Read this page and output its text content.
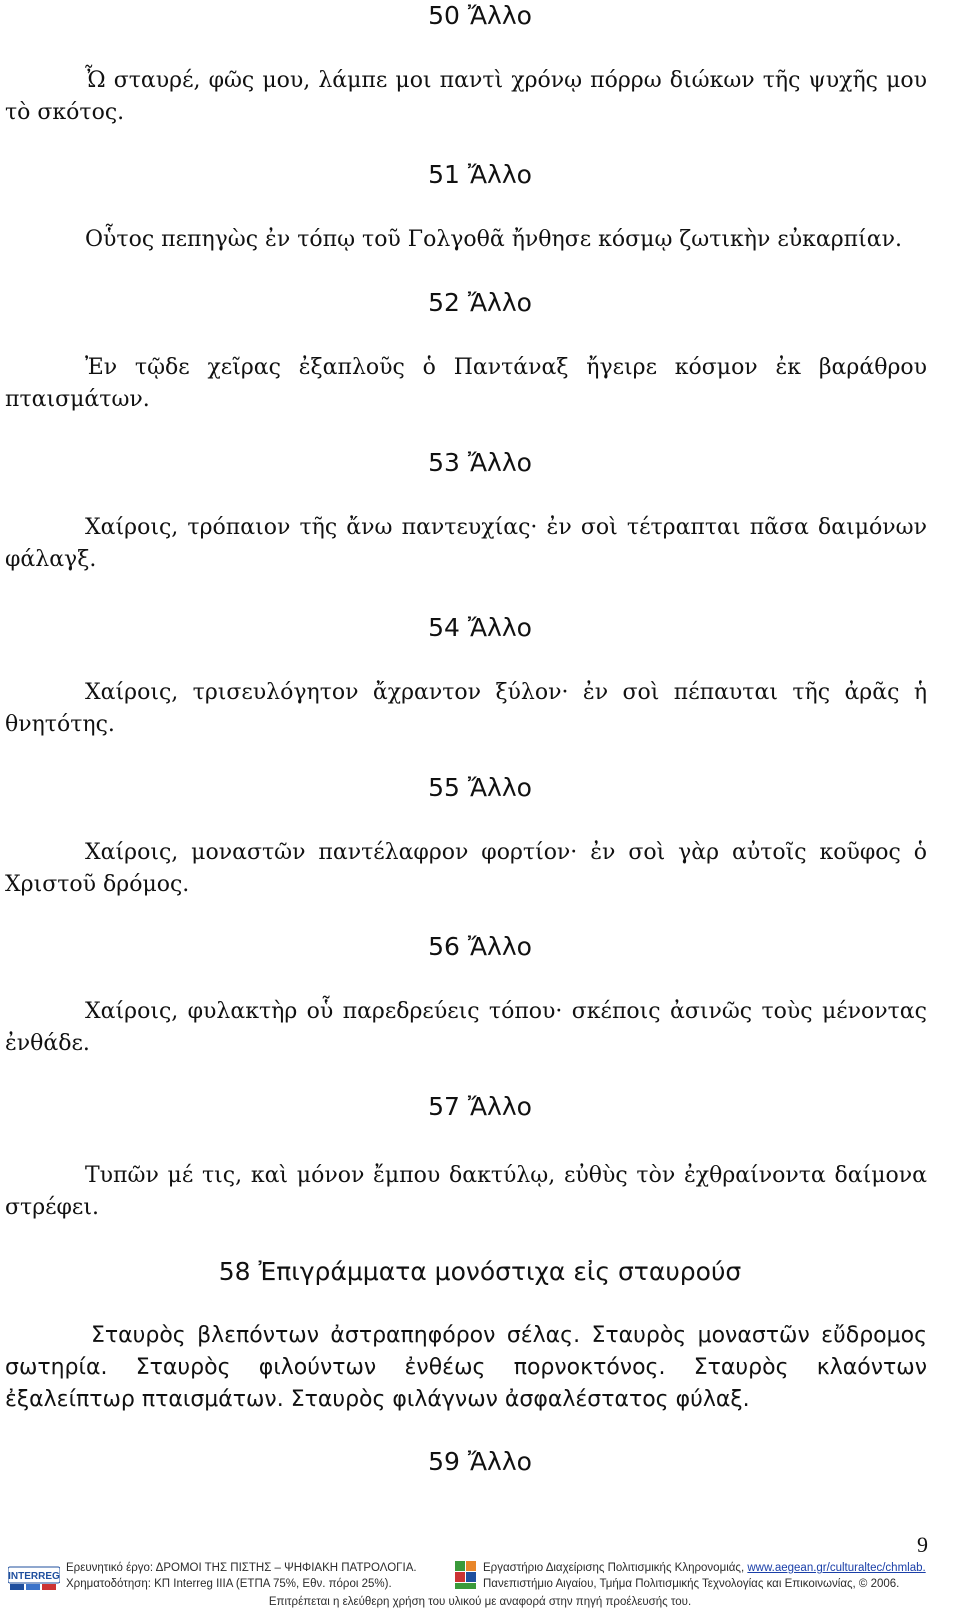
50 Ἄλλο

Ὦ σταυρέ, φῶς μου, λάμπε μοι παντὶ χρόνῳ πόρρω διώκων τῆς ψυχῆς μου τὸ σκότος.

51 Ἄλλο

Οὗτος πεπηγὼς ἐν τόπῳ τοῦ Γολγοθᾶ ἤνθησε κόσμῳ ζωτικὴν εὐκαρπίαν.

52 Ἄλλο

Ἐν τῷδε χεῖρας ἐξαπλοῦς ὁ Παντάναξ ἤγειρε κόσμον ἐκ βαράθρου πταισμάτων.

53 Ἄλλο

Χαίροις, τρόπαιον τῆς ἄνω παντευχίας· ἐν σοὶ τέτραπται πᾶσα δαιμόνων φάλαγξ.

54 Ἄλλο

Χαίροις, τρισευλόγητον ἄχραντον ξύλον· ἐν σοὶ πέπαυται τῆς ἀρᾶς ἡ θνητότης.

55 Ἄλλο

Χαίροις, μοναστῶν παντέλαφρον φορτίον· ἐν σοὶ γὰρ αὐτοῖς κοῦφος ὁ Χριστοῦ δρόμος.

56 Ἄλλο

Χαίροις, φυλακτὴρ οὗ παρεδρεύεις τόπου· σκέποις ἀσινῶς τοὺς μένοντας ἐνθάδε.

57 Ἄλλο

Τυπῶν μέ τις, καὶ μόνον ἔμπου δακτύλῳ, εὐθὺς τὸν ἐχθραίνοντα δαίμονα στρέφει.

58 Ἐπιγράμματα μονόστιχα εἰς σταυρούσ

Σταυρὸς βλεπόντων ἀστραπηφόρον σέλας. Σταυρὸς μοναστῶν εὔδρομος σωτηρία. Σταυρὸς φιλούντων ἐνθέως πορνοκτόνος. Σταυρὸς κλαόντων ἐξαλείπτωρ πταισμάτων. Σταυρὸς φιλάγνων ἀσφαλέστατος φύλαξ.

59 Ἄλλο
9
INTERREG
Ερευνητικό έργο: ΔΡΟΜΟΙ ΤΗΣ ΠΙΣΤΗΣ – ΨΗΦΙΑΚΗ ΠΑΤΡΟΛΟΓΙΑ.
Χρηματοδότηση: ΚΠ Interreg IIIA (ΕΤΠΑ 75%, Εθν. πόροι 25%).
Εργαστήριο Διαχείρισης Πολιτισμικής Κληρονομιάς, www.aegean.gr/culturaltec/chmlab.
Πανεπιστήμιο Αιγαίου, Τμήμα Πολιτισμικής Τεχνολογίας και Επικοινωνίας, © 2006.
Επιτρέπεται η ελεύθερη χρήση του υλικού με αναφορά στην πηγή προέλευσής του.
